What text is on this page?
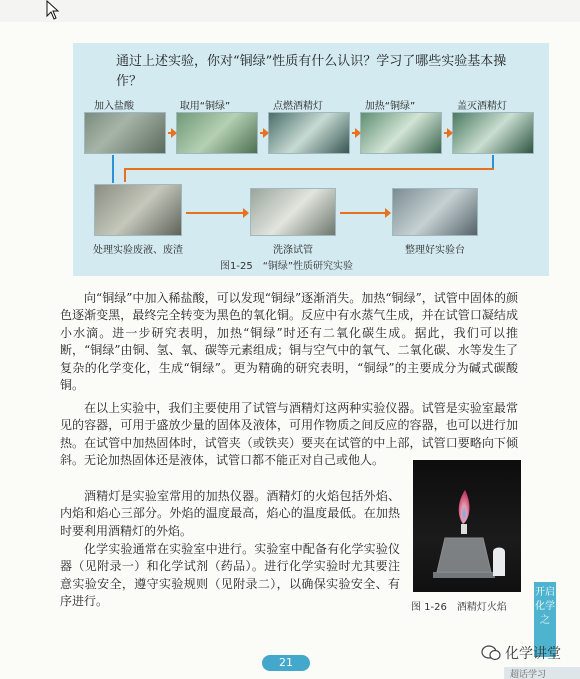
通过上述实验，你对“铜绿”性质有什么认识？学习了哪些实验基本操作？
加入盐酸	取用“铜绿”	点燃酒精灯	加热“铜绿”	盖灭酒精灯
处理实验废液、废渣	洗涤试管	整理好实验台
图1-25　“铜绿”性质研究实验
向“铜绿”中加入稀盐酸，可以发现“铜绿”逐渐消失。加热“铜绿”，试管中固体的颜色逐渐变黑，最终完全转变为黑色的氧化铜。反应中有水蒸气生成，并在试管口凝结成小水滴。进一步研究表明，加热“铜绿”时还有二氧化碳生成。据此，我们可以推断，“铜绿”由铜、氢、氧、碳等元素组成；铜与空气中的氧气、二氧化碳、水等发生了复杂的化学变化，生成“铜绿”。更为精确的研究表明，“铜绿”的主要成分为碱式碳酸铜。
在以上实验中，我们主要使用了试管与酒精灯这两种实验仪器。试管是实验室最常见的容器，可用于盛放少量的固体及液体，可用作物质之间反应的容器，也可以进行加热。在试管中加热固体时，试管夹（或铁夹）要夹在试管的中上部，试管口要略向下倾斜。无论加热固体还是液体，试管口都不能正对自己或他人。
酒精灯是实验室常用的加热仪器。酒精灯的火焰包括外焰、内焰和焰心三部分。外焰的温度最高，焰心的温度最低。在加热时要利用酒精灯的外焰。
化学实验通常在实验室中进行。实验室中配备有化学实验仪器（见附录一）和化学试剂（药品）。进行化学实验时尤其要注意实验安全，遵守实验规则（见附录二），以确保实验安全、有序进行。	图 1-26　酒精灯火焰
开启化学之
21
化学讲堂
超话学习
